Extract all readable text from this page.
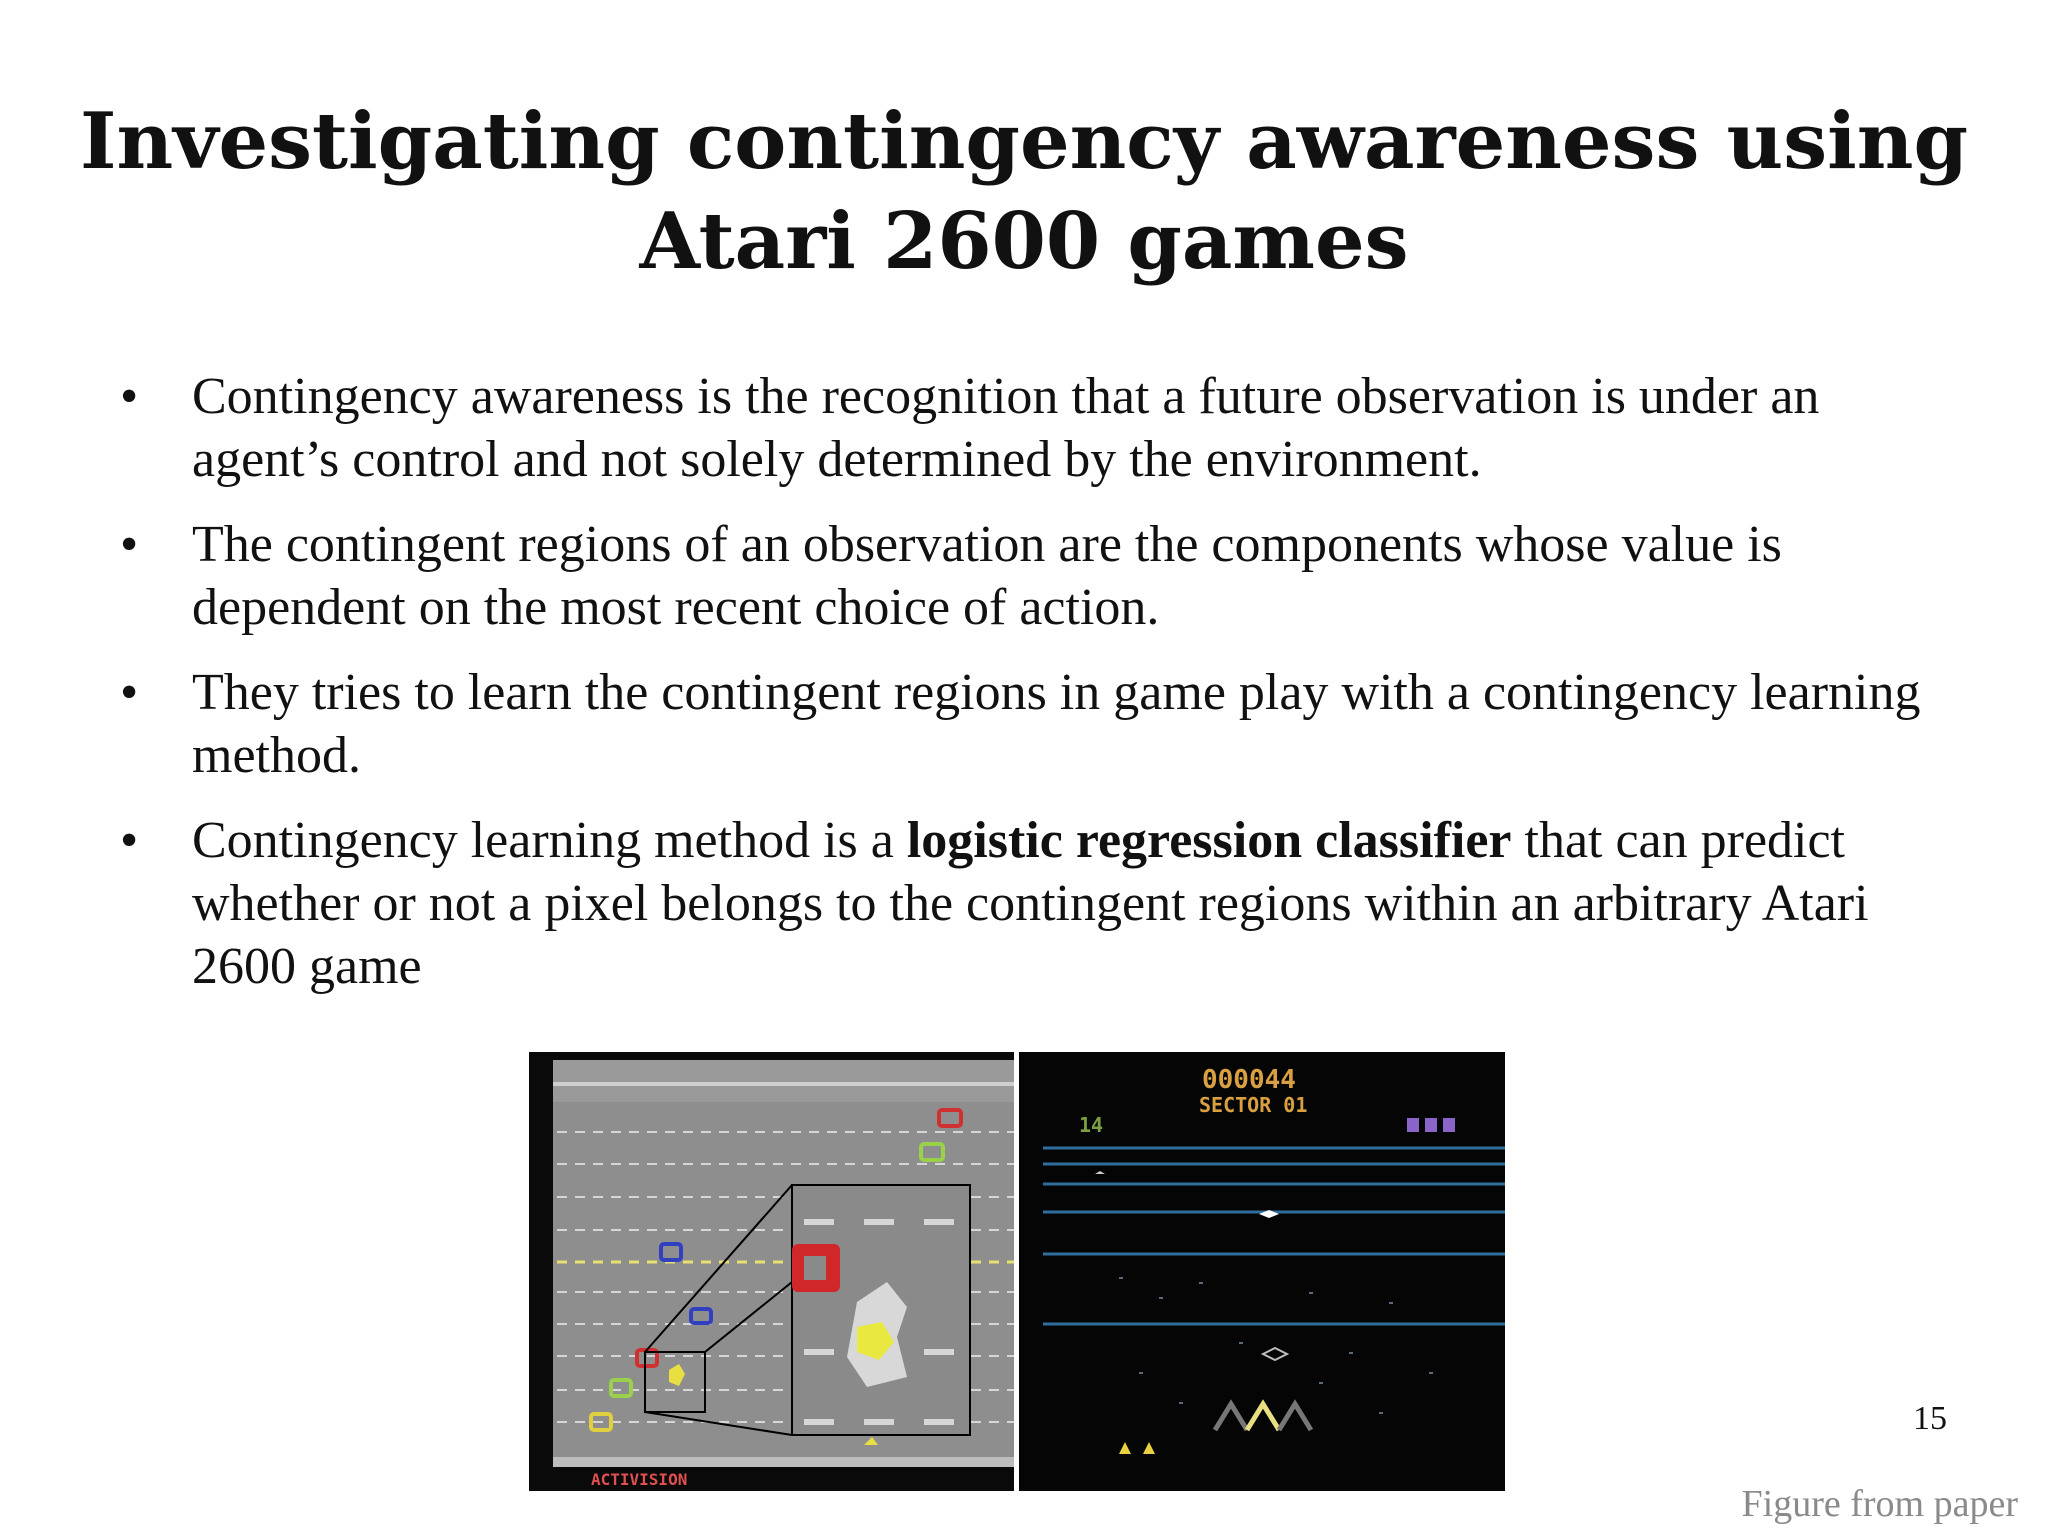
Investigating contingency awareness using
Atari 2600 games
• Contingency awareness is the recognition that a future observation is under an agent’s control and not solely determined by the environment.
• The contingent regions of an observation are the components whose value is dependent on the most recent choice of action.
• They tries to learn the contingent regions in game play with a contingency learning method.
• Contingency learning method is a logistic regression classifier that can predict whether or not a pixel belongs to the contingent regions within an arbitrary Atari 2600 game
ACTIVISION
000044
SECTOR 01
14
15
Figure from paper
